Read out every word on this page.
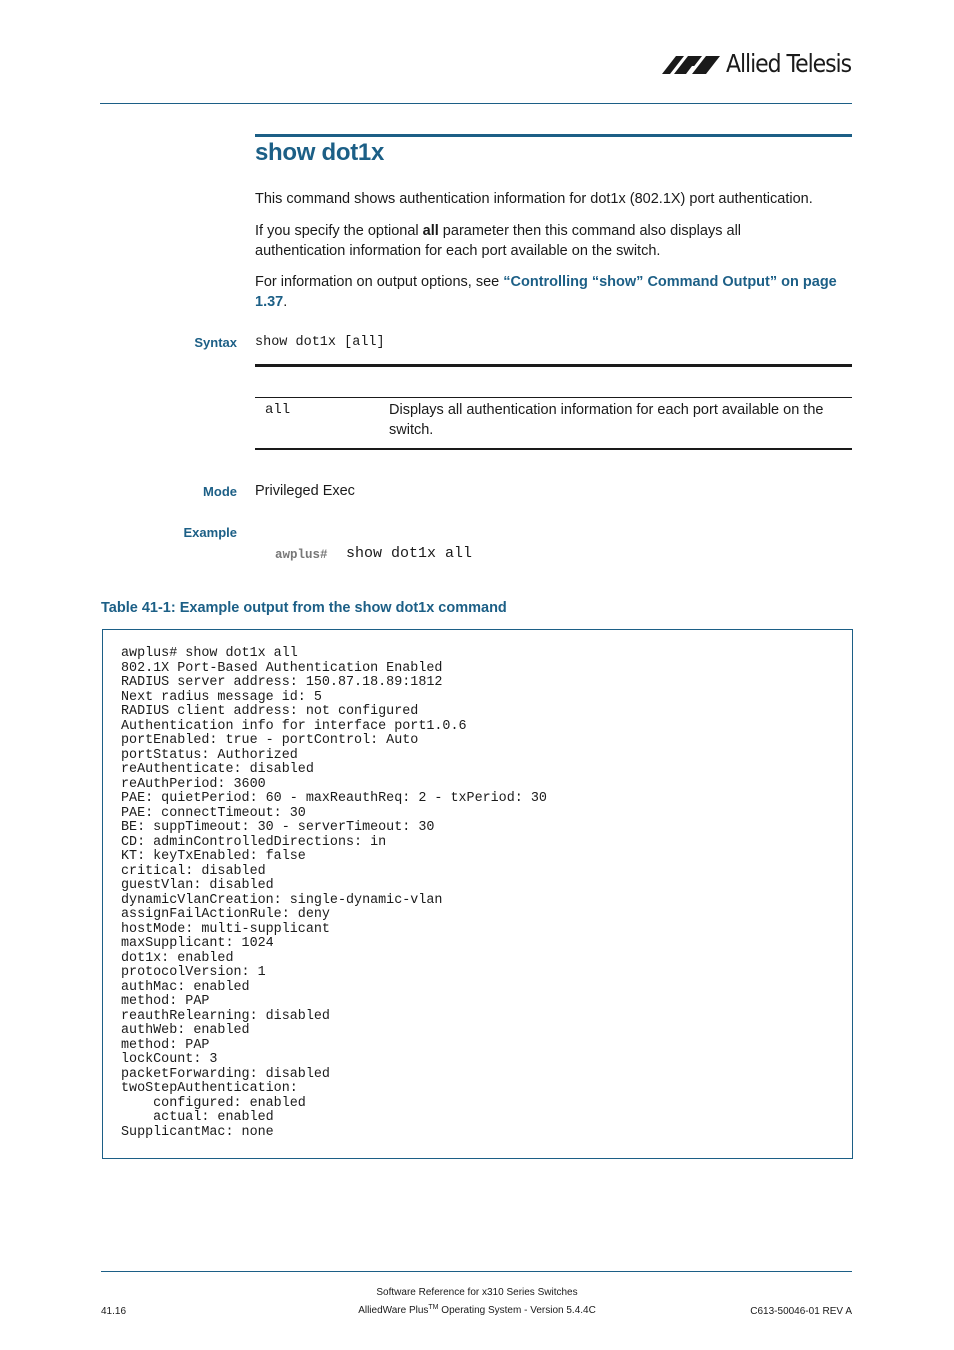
Allied Telesis
show dot1x
This command shows authentication information for dot1x (802.1X) port authentication.
If you specify the optional all parameter then this command also displays all authentication information for each port available on the switch.
For information on output options, see “Controlling “show” Command Output” on page 1.37.
Syntax show dot1x [all]
all	Displays all authentication information for each port available on the switch.
Mode Privileged Exec
Example
awplus# show dot1x all
Table 41-1: Example output from the show dot1x command
awplus# show dot1x all
802.1X Port-Based Authentication Enabled
RADIUS server address: 150.87.18.89:1812
Next radius message id: 5
RADIUS client address: not configured
Authentication info for interface port1.0.6
portEnabled: true - portControl: Auto
portStatus: Authorized
reAuthenticate: disabled
reAuthPeriod: 3600
PAE: quietPeriod: 60 - maxReauthReq: 2 - txPeriod: 30
PAE: connectTimeout: 30
BE: suppTimeout: 30 - serverTimeout: 30
CD: adminControlledDirections: in
KT: keyTxEnabled: false
critical: disabled
guestVlan: disabled
dynamicVlanCreation: single-dynamic-vlan
assignFailActionRule: deny
hostMode: multi-supplicant
maxSupplicant: 1024
dot1x: enabled
protocolVersion: 1
authMac: enabled
method: PAP
reauthRelearning: disabled
authWeb: enabled
method: PAP
lockCount: 3
packetForwarding: disabled
twoStepAuthentication:
configured: enabled
actual: enabled
SupplicantMac: none
Software Reference for x310 Series Switches
AlliedWare Plus™ Operating System - Version 5.4.4C
41.16	C613-50046-01 REV A
